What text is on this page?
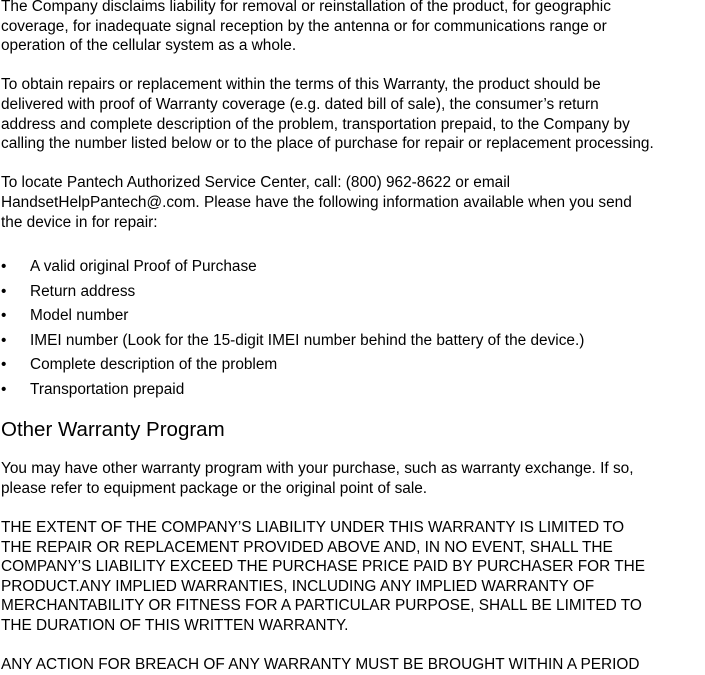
The Company disclaims liability for removal or reinstallation of the product, for geographic
coverage, for inadequate signal reception by the antenna or for communications range or
operation of the cellular system as a whole.

To obtain repairs or replacement within the terms of this Warranty, the product should be
delivered with proof of Warranty coverage (e.g. dated bill of sale), the consumer’s return
address and complete description of the problem, transportation prepaid, to the Company by
calling the number listed below or to the place of purchase for repair or replacement processing.

To locate Pantech Authorized Service Center, call: (800) 962-8622 or email
HandsetHelpPantech@.com. Please have the following information available when you send
the device in for repair:

• A valid original Proof of Purchase
• Return address
• Model number
• IMEI number (Look for the 15-digit IMEI number behind the battery of the device.)
• Complete description of the problem
• Transportation prepaid
Other Warranty Program

You may have other warranty program with your purchase, such as warranty exchange. If so,
please refer to equipment package or the original point of sale.

THE EXTENT OF THE COMPANY’S LIABILITY UNDER THIS WARRANTY IS LIMITED TO
THE REPAIR OR REPLACEMENT PROVIDED ABOVE AND, IN NO EVENT, SHALL THE
COMPANY’S LIABILITY EXCEED THE PURCHASE PRICE PAID BY PURCHASER FOR THE
PRODUCT.ANY IMPLIED WARRANTIES, INCLUDING ANY IMPLIED WARRANTY OF
MERCHANTABILITY OR FITNESS FOR A PARTICULAR PURPOSE, SHALL BE LIMITED TO
THE DURATION OF THIS WRITTEN WARRANTY.

ANY ACTION FOR BREACH OF ANY WARRANTY MUST BE BROUGHT WITHIN A PERIOD
